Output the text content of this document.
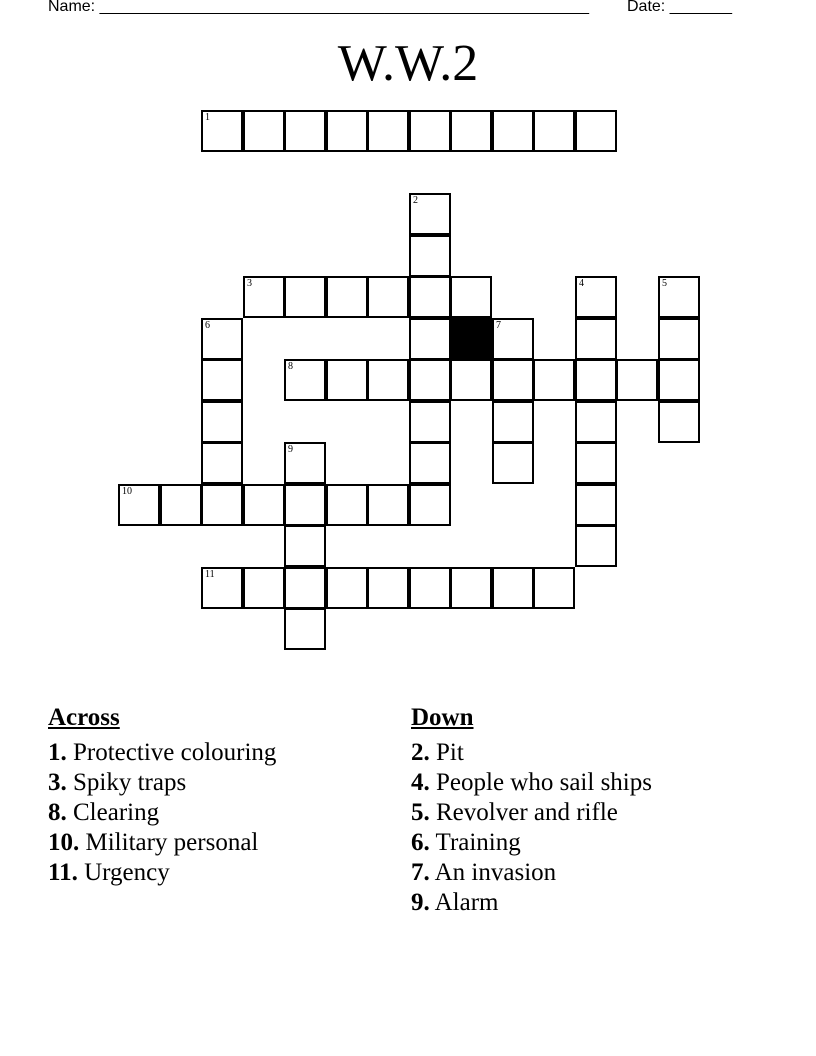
Name: _______________________________________________________ Date: _______
W.W.2
1
2
3	4	5
6	7
8
9
10
11
Across
1. Protective colouring
3. Spiky traps
8. Clearing
10. Military personal
11. Urgency
Down
2. Pit
4. People who sail ships
5. Revolver and rifle
6. Training
7. An invasion
9. Alarm
